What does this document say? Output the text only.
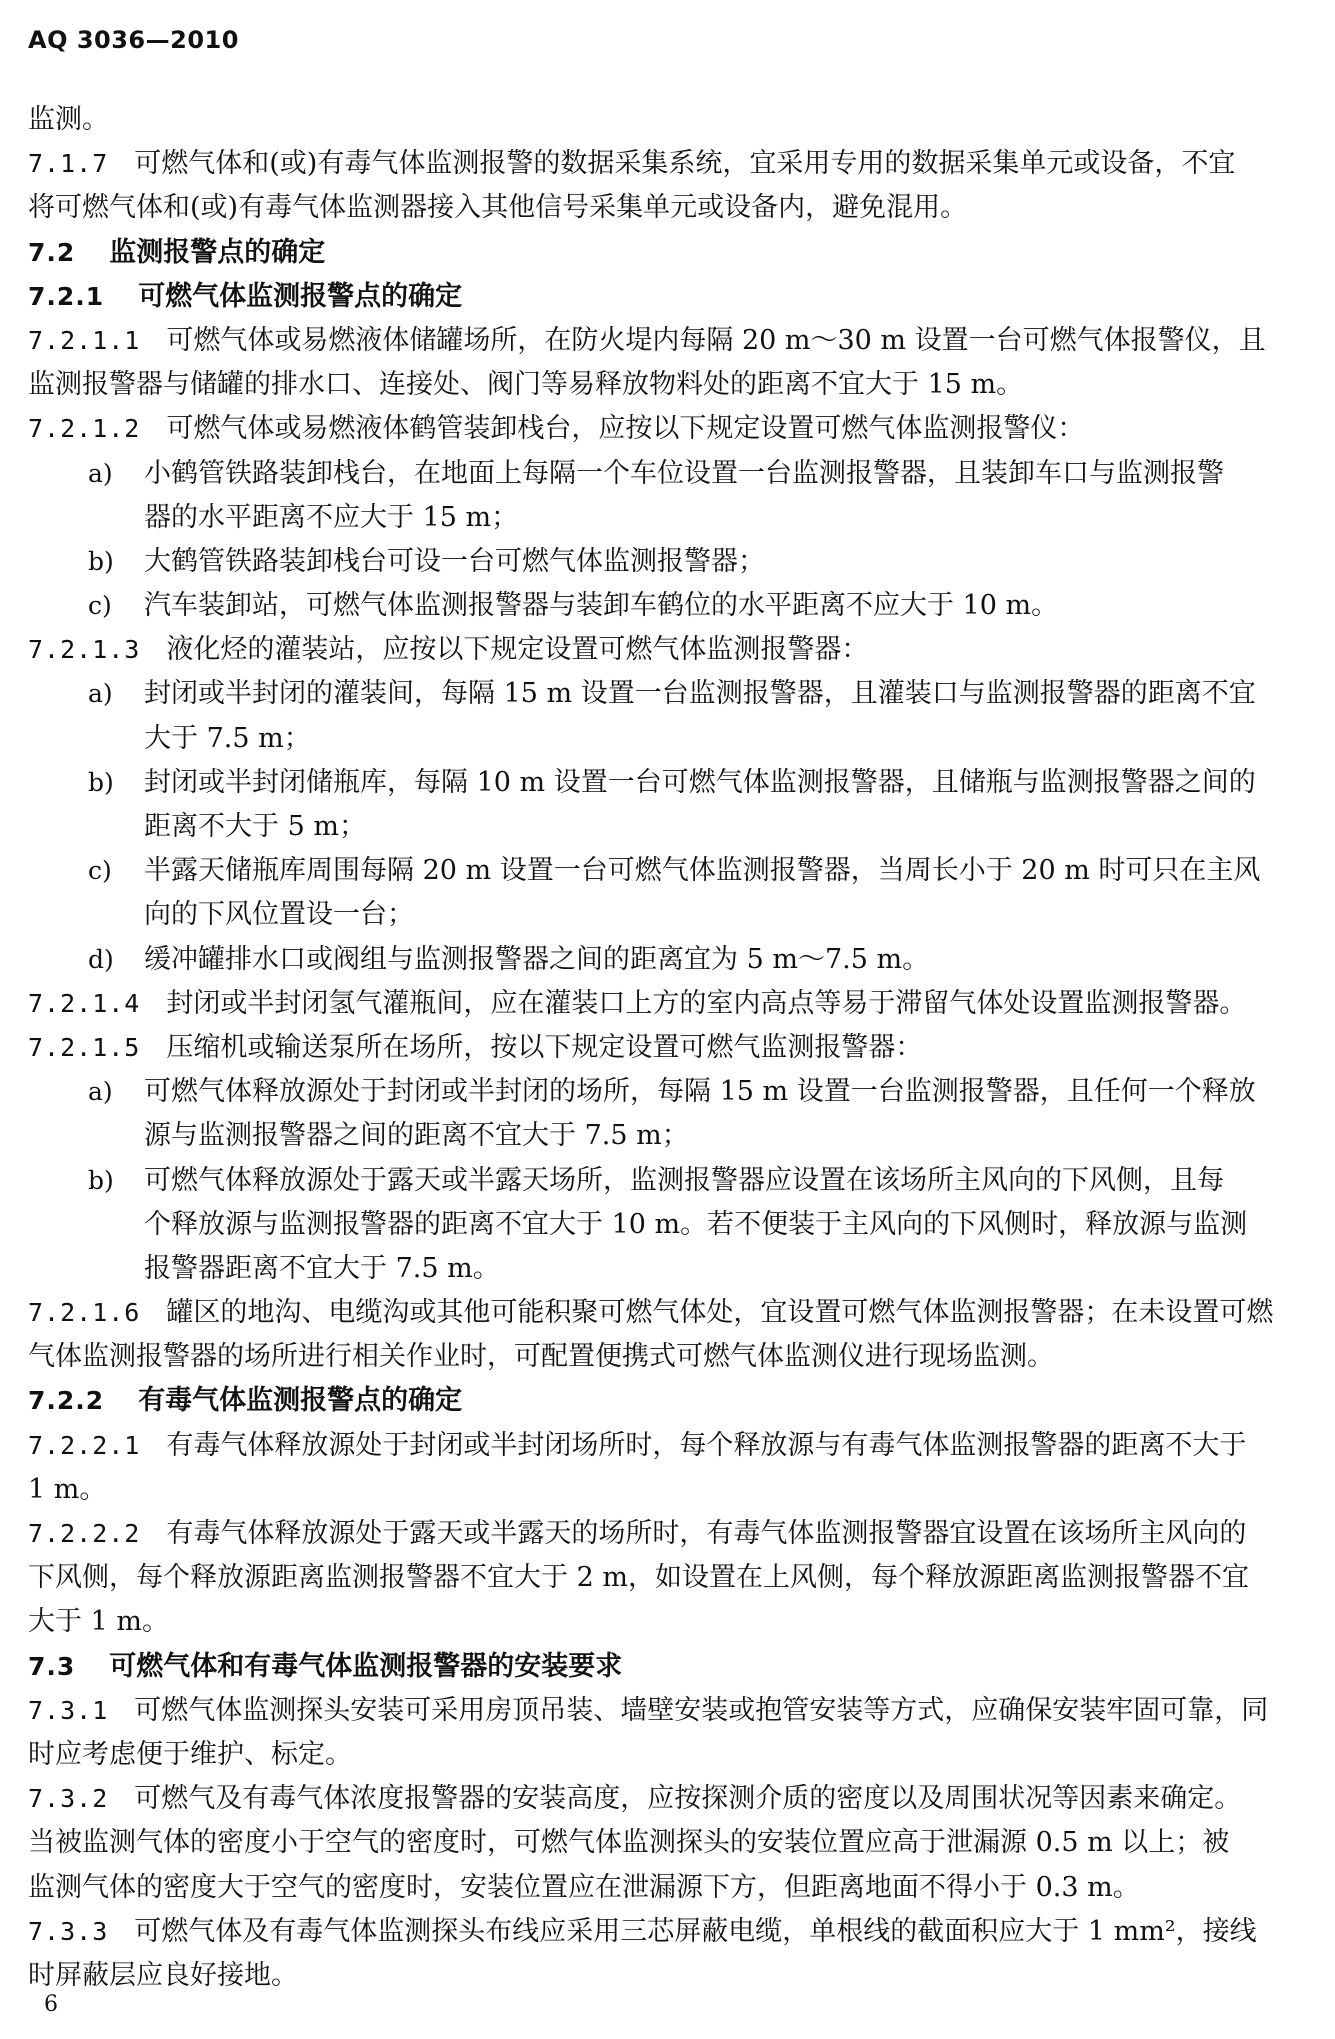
AQ 3036—2010
监测。
7.1.7 可燃气体和(或)有毒气体监测报警的数据采集系统，宜采用专用的数据采集单元或设备，不宜
将可燃气体和(或)有毒气体监测器接入其他信号采集单元或设备内，避免混用。
7.2 监测报警点的确定
7.2.1 可燃气体监测报警点的确定
7.2.1.1 可燃气体或易燃液体储罐场所，在防火堤内每隔 20 m～30 m 设置一台可燃气体报警仪，且
监测报警器与储罐的排水口、连接处、阀门等易释放物料处的距离不宜大于 15 m。
7.2.1.2 可燃气体或易燃液体鹤管装卸栈台，应按以下规定设置可燃气体监测报警仪：
a) 小鹤管铁路装卸栈台，在地面上每隔一个车位设置一台监测报警器，且装卸车口与监测报警
器的水平距离不应大于 15 m；
b) 大鹤管铁路装卸栈台可设一台可燃气体监测报警器；
c) 汽车装卸站，可燃气体监测报警器与装卸车鹤位的水平距离不应大于 10 m。
7.2.1.3 液化烃的灌装站，应按以下规定设置可燃气体监测报警器：
a) 封闭或半封闭的灌装间，每隔 15 m 设置一台监测报警器，且灌装口与监测报警器的距离不宜
大于 7.5 m；
b) 封闭或半封闭储瓶库，每隔 10 m 设置一台可燃气体监测报警器，且储瓶与监测报警器之间的
距离不大于 5 m；
c) 半露天储瓶库周围每隔 20 m 设置一台可燃气体监测报警器，当周长小于 20 m 时可只在主风
向的下风位置设一台；
d) 缓冲罐排水口或阀组与监测报警器之间的距离宜为 5 m～7.5 m。
7.2.1.4 封闭或半封闭氢气灌瓶间，应在灌装口上方的室内高点等易于滞留气体处设置监测报警器。
7.2.1.5 压缩机或输送泵所在场所，按以下规定设置可燃气监测报警器：
a) 可燃气体释放源处于封闭或半封闭的场所，每隔 15 m 设置一台监测报警器，且任何一个释放
源与监测报警器之间的距离不宜大于 7.5 m；
b) 可燃气体释放源处于露天或半露天场所，监测报警器应设置在该场所主风向的下风侧，且每
个释放源与监测报警器的距离不宜大于 10 m。若不便装于主风向的下风侧时，释放源与监测
报警器距离不宜大于 7.5 m。
7.2.1.6 罐区的地沟、电缆沟或其他可能积聚可燃气体处，宜设置可燃气体监测报警器；在未设置可燃
气体监测报警器的场所进行相关作业时，可配置便携式可燃气体监测仪进行现场监测。
7.2.2 有毒气体监测报警点的确定
7.2.2.1 有毒气体释放源处于封闭或半封闭场所时，每个释放源与有毒气体监测报警器的距离不大于
1 m。
7.2.2.2 有毒气体释放源处于露天或半露天的场所时，有毒气体监测报警器宜设置在该场所主风向的
下风侧，每个释放源距离监测报警器不宜大于 2 m，如设置在上风侧，每个释放源距离监测报警器不宜
大于 1 m。
7.3 可燃气体和有毒气体监测报警器的安装要求
7.3.1 可燃气体监测探头安装可采用房顶吊装、墙壁安装或抱管安装等方式，应确保安装牢固可靠，同
时应考虑便于维护、标定。
7.3.2 可燃气及有毒气体浓度报警器的安装高度，应按探测介质的密度以及周围状况等因素来确定。
当被监测气体的密度小于空气的密度时，可燃气体监测探头的安装位置应高于泄漏源 0.5 m 以上；被
监测气体的密度大于空气的密度时，安装位置应在泄漏源下方，但距离地面不得小于 0.3 m。
7.3.3 可燃气体及有毒气体监测探头布线应采用三芯屏蔽电缆，单根线的截面积应大于 1 mm²，接线
时屏蔽层应良好接地。
6
